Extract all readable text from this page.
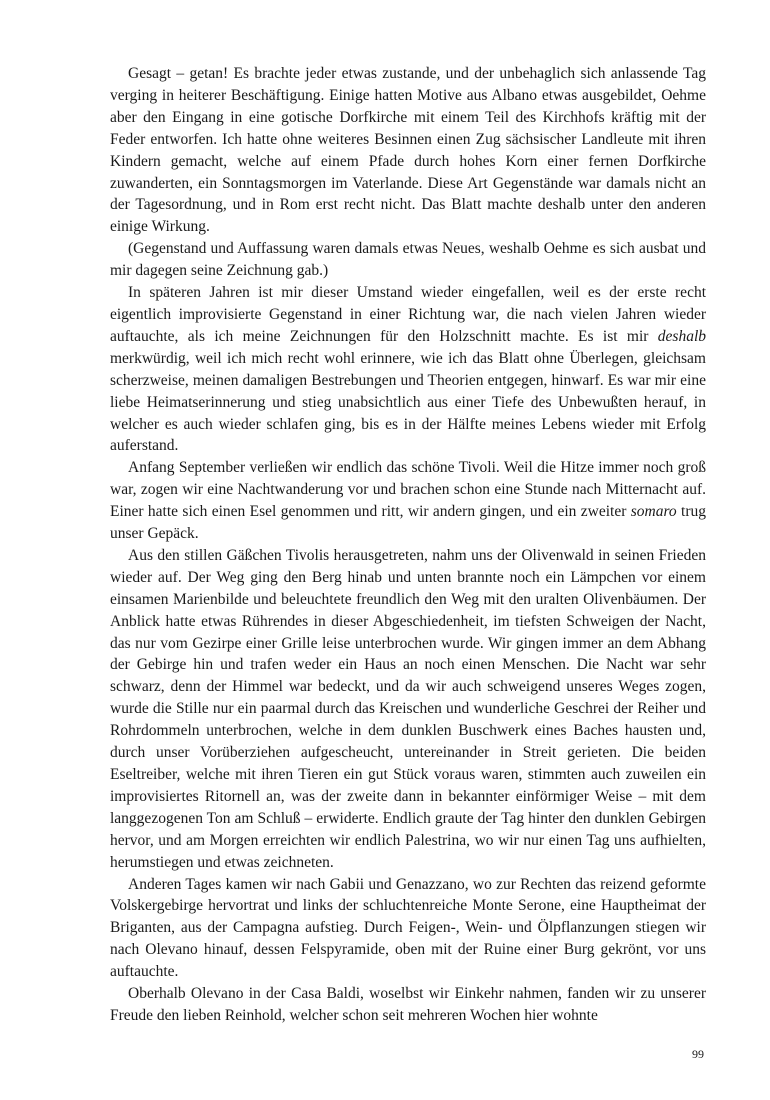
Gesagt – getan! Es brachte jeder etwas zustande, und der unbehaglich sich anlassende Tag verging in heiterer Beschäftigung. Einige hatten Motive aus Albano etwas ausgebildet, Oehme aber den Eingang in eine gotische Dorfkirche mit einem Teil des Kirchhofs kräftig mit der Feder entworfen. Ich hatte ohne weiteres Besinnen einen Zug sächsischer Landleute mit ihren Kindern gemacht, welche auf einem Pfade durch hohes Korn einer fernen Dorfkirche zuwanderten, ein Sonntagsmorgen im Vaterlande. Diese Art Gegenstände war damals nicht an der Tagesordnung, und in Rom erst recht nicht. Das Blatt machte deshalb unter den anderen einige Wirkung.

(Gegenstand und Auffassung waren damals etwas Neues, weshalb Oehme es sich ausbat und mir dagegen seine Zeichnung gab.)

In späteren Jahren ist mir dieser Umstand wieder eingefallen, weil es der erste recht eigentlich improvisierte Gegenstand in einer Richtung war, die nach vielen Jahren wieder auftauchte, als ich meine Zeichnungen für den Holzschnitt machte. Es ist mir deshalb merkwürdig, weil ich mich recht wohl erinnere, wie ich das Blatt ohne Überlegen, gleichsam scherzweise, meinen damaligen Bestrebungen und Theorien entgegen, hinwarf. Es war mir eine liebe Heimatserinnerung und stieg unabsichtlich aus einer Tiefe des Unbewußten herauf, in welcher es auch wieder schlafen ging, bis es in der Hälfte meines Lebens wieder mit Erfolg auferstand.

Anfang September verließen wir endlich das schöne Tivoli. Weil die Hitze immer noch groß war, zogen wir eine Nachtwanderung vor und brachen schon eine Stunde nach Mitternacht auf. Einer hatte sich einen Esel genommen und ritt, wir andern gingen, und ein zweiter somaro trug unser Gepäck.

Aus den stillen Gäßchen Tivolis herausgetreten, nahm uns der Olivenwald in seinen Frieden wieder auf. Der Weg ging den Berg hinab und unten brannte noch ein Lämpchen vor einem einsamen Marienbilde und beleuchtete freundlich den Weg mit den uralten Olivenbäumen. Der Anblick hatte etwas Rührendes in dieser Abgeschiedenheit, im tiefsten Schweigen der Nacht, das nur vom Gezirpe einer Grille leise unterbrochen wurde. Wir gingen immer an dem Abhang der Gebirge hin und trafen weder ein Haus an noch einen Menschen. Die Nacht war sehr schwarz, denn der Himmel war bedeckt, und da wir auch schweigend unseres Weges zogen, wurde die Stille nur ein paarmal durch das Kreischen und wunderliche Geschrei der Reiher und Rohrdommeln unterbrochen, welche in dem dunklen Buschwerk eines Baches hausten und, durch unser Vorüberziehen aufgescheucht, untereinander in Streit gerieten. Die beiden Eseltreiber, welche mit ihren Tieren ein gut Stück voraus waren, stimmten auch zuweilen ein improvisiertes Ritornell an, was der zweite dann in bekannter einförmiger Weise – mit dem langgezogenen Ton am Schluß – erwiderte. Endlich graute der Tag hinter den dunklen Gebirgen hervor, und am Morgen erreichten wir endlich Palestrina, wo wir nur einen Tag uns aufhielten, herumstiegen und etwas zeichneten.

Anderen Tages kamen wir nach Gabii und Genazzano, wo zur Rechten das reizend geformte Volskergebirge hervortrat und links der schluchtenreiche Monte Serone, eine Hauptheimat der Briganten, aus der Campagna aufstieg. Durch Feigen-, Wein- und Ölpflanzungen stiegen wir nach Olevano hinauf, dessen Felspyramide, oben mit der Ruine einer Burg gekrönt, vor uns auftauchte.

Oberhalb Olevano in der Casa Baldi, woselbst wir Einkehr nahmen, fanden wir zu unserer Freude den lieben Reinhold, welcher schon seit mehreren Wochen hier wohnte

99
